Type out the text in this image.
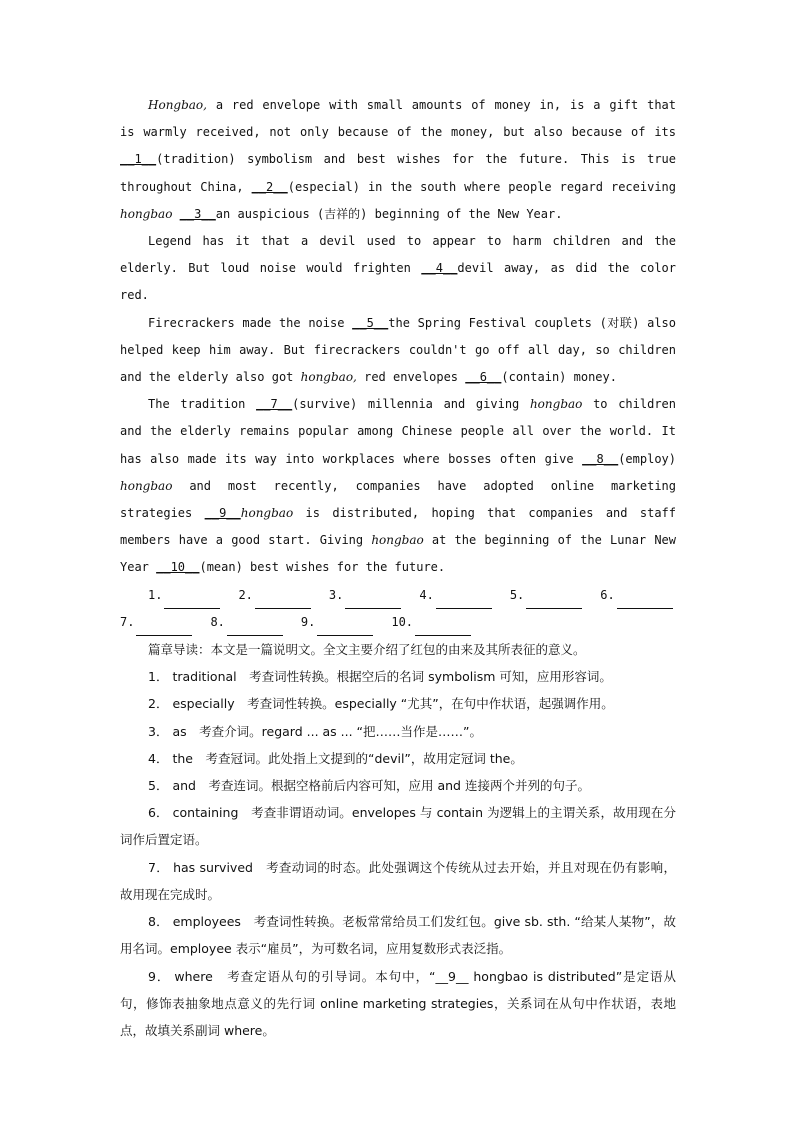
Hongbao, a red envelope with small amounts of money in, is a gift that is warmly received, not only because of the money, but also because of its __1__(tradition) symbolism and best wishes for the future. This is true throughout China, __2__(especial) in the south where people regard receiving hongbao __3__an auspicious (吉祥的) beginning of the New Year.

Legend has it that a devil used to appear to harm children and the elderly. But loud noise would frighten __4__devil away, as did the color red.

Firecrackers made the noise __5__the Spring Festival couplets (对联) also helped keep him away. But firecrackers couldn't go off all day, so children and the elderly also got hongbao, red envelopes __6__(contain) money.

The tradition __7__(survive) millennia and giving hongbao to children and the elderly remains popular among Chinese people all over the world. It has also made its way into workplaces where bosses often give __8__(employ) hongbao and most recently, companies have adopted online marketing strategies __9__hongbao is distributed, hoping that companies and staff members have a good start. Giving hongbao at the beginning of the Lunar New Year __10__(mean) best wishes for the future.

1.	2.	3.	4.	5.	6.
7.	8.	9.	10.

篇章导读：本文是一篇说明文。全文主要介绍了红包的由来及其所表征的意义。

1． traditional　考查词性转换。根据空后的名词 symbolism 可知，应用形容词。

2． especially　考查词性转换。especially “尤其”，在句中作状语，起强调作用。

3． as　考查介词。regard ... as ... “把……当作是……”。

4． the　考查冠词。此处指上文提到的“devil”，故用定冠词 the。

5． and　考查连词。根据空格前后内容可知，应用 and 连接两个并列的句子。

6． containing　考查非谓语动词。envelopes 与 contain 为逻辑上的主谓关系，故用现在分词作后置定语。

7． has survived　考查动词的时态。此处强调这个传统从过去开始，并且对现在仍有影响，故用现在完成时。

8． employees　考查词性转换。老板常常给员工们发红包。give sb. sth. “给某人某物”，故用名词。employee 表示“雇员”，为可数名词，应用复数形式表泛指。

9． where　考查定语从句的引导词。本句中，“__9__ hongbao is distributed”是定语从句，修饰表抽象地点意义的先行词 online marketing strategies，关系词在从句中作状语，表地点，故填关系副词 where。
